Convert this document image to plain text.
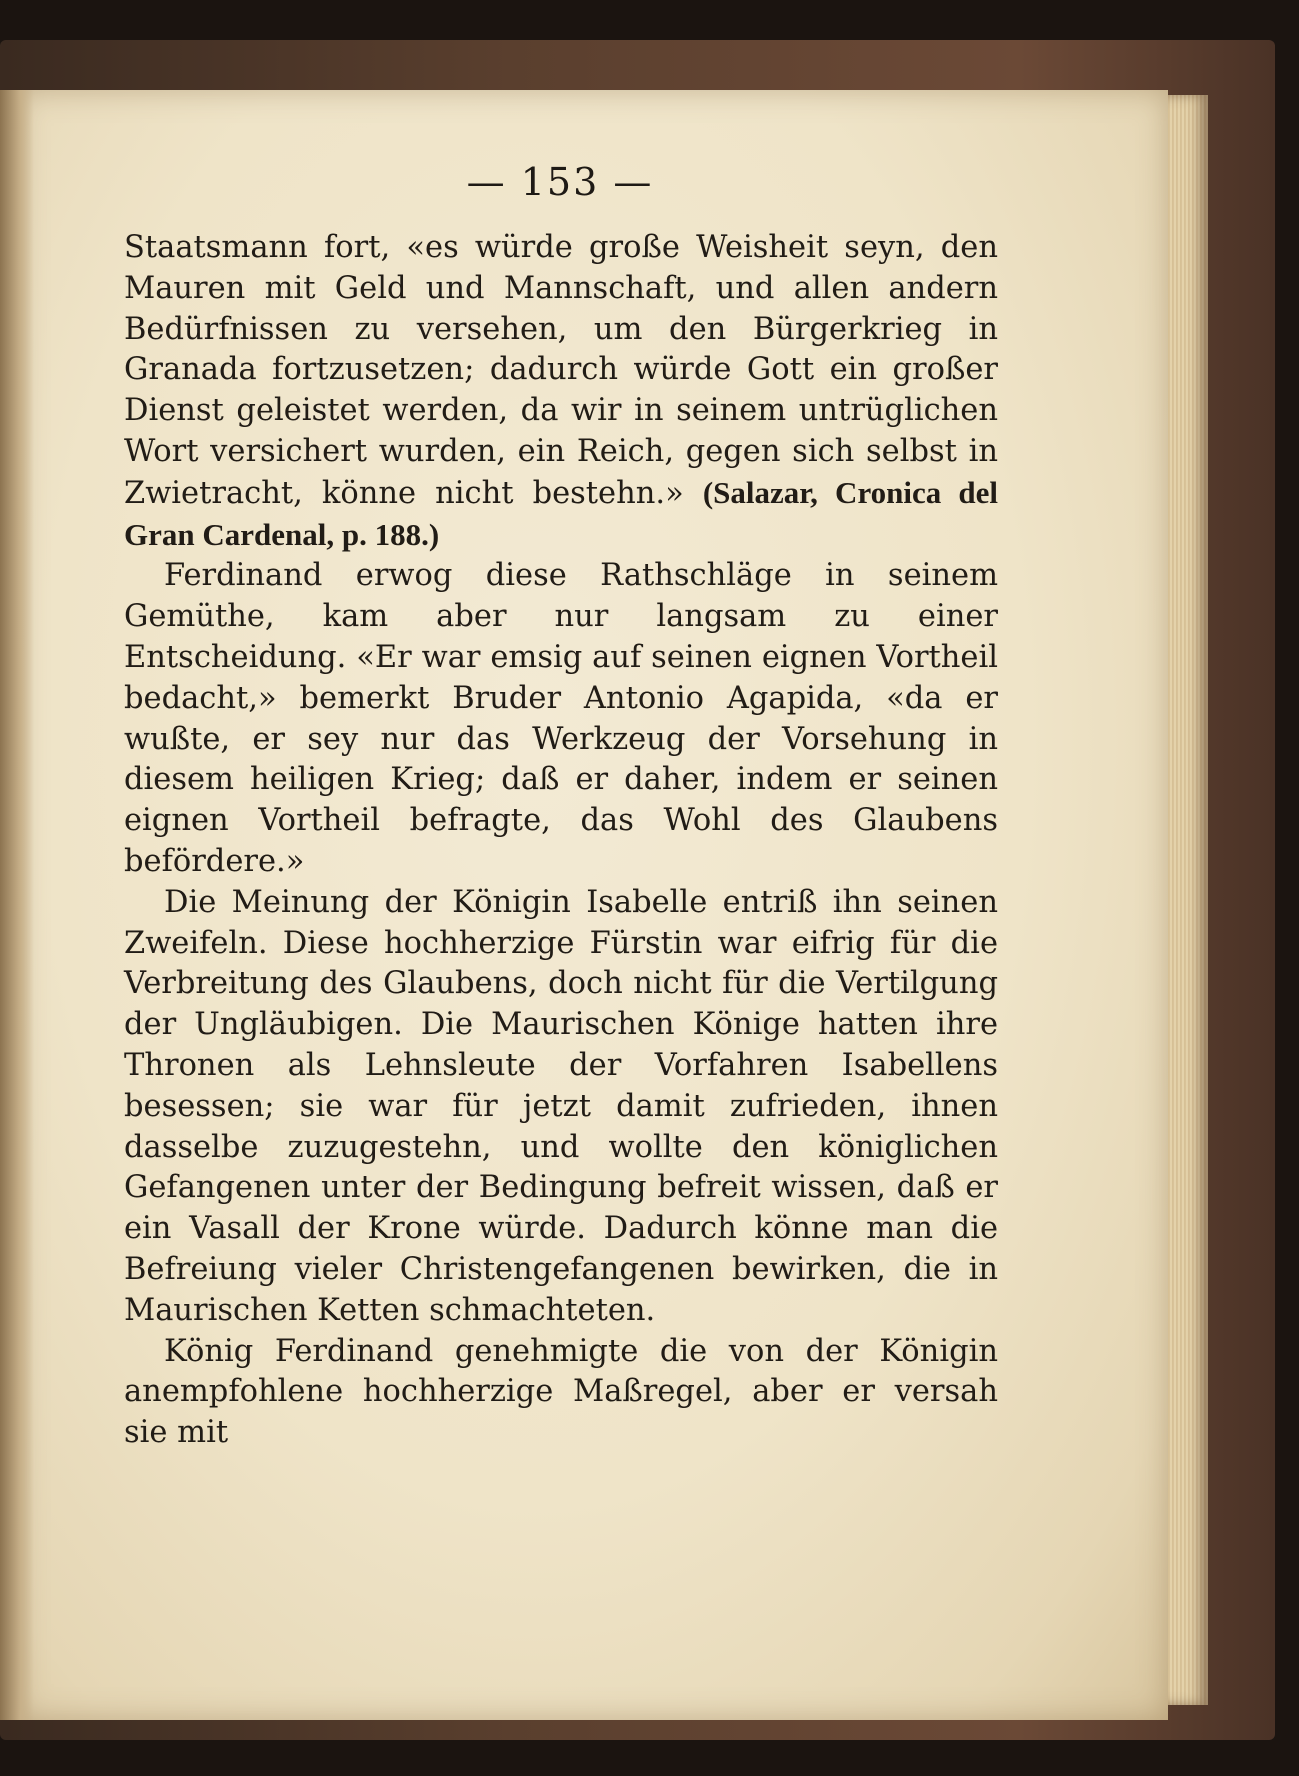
— 153 —

Staatsmann fort, «es würde große Weisheit seyn, den Mauren mit Geld und Mannschaft, und allen andern Bedürfnissen zu versehen, um den Bürgerkrieg in Granada fortzusetzen; dadurch würde Gott ein großer Dienst geleistet werden, da wir in seinem untrüglichen Wort versichert wurden, ein Reich, gegen sich selbst in Zwietracht, könne nicht bestehn.» (Salazar, Cronica del Gran Cardenal, p. 188.)

Ferdinand erwog diese Rathschläge in seinem Gemüthe, kam aber nur langsam zu einer Entscheidung. «Er war emsig auf seinen eignen Vortheil bedacht,» bemerkt Bruder Antonio Agapida, «da er wußte, er sey nur das Werkzeug der Vorsehung in diesem heiligen Krieg; daß er daher, indem er seinen eignen Vortheil befragte, das Wohl des Glaubens befördere.»

Die Meinung der Königin Isabelle entriß ihn seinen Zweifeln. Diese hochherzige Fürstin war eifrig für die Verbreitung des Glaubens, doch nicht für die Vertilgung der Ungläubigen. Die Maurischen Könige hatten ihre Thronen als Lehnsleute der Vorfahren Isabellens besessen; sie war für jetzt damit zufrieden, ihnen dasselbe zuzugestehn, und wollte den königlichen Gefangenen unter der Bedingung befreit wissen, daß er ein Vasall der Krone würde. Dadurch könne man die Befreiung vieler Christengefangenen bewirken, die in Maurischen Ketten schmachteten.

König Ferdinand genehmigte die von der Königin anempfohlene hochherzige Maßregel, aber er versah sie mit
